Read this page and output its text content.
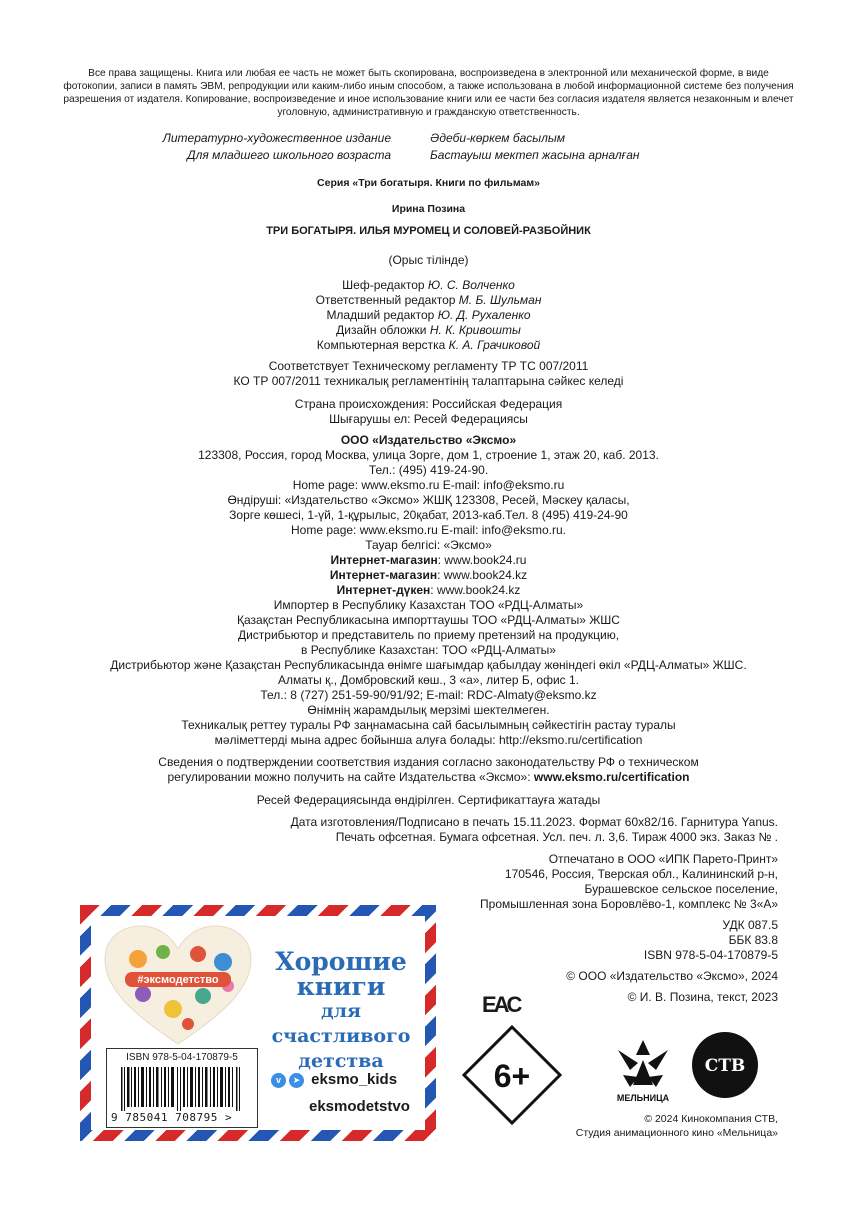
Все права защищены. Книга или любая ее часть не может быть скопирована, воспроизведена в электронной или механической форме, в виде фотокопии, записи в память ЭВМ, репродукции или каким-либо иным способом, а также использована в любой информационной системе без получения разрешения от издателя. Копирование, воспроизведение и иное использование книги или ее части без согласия издателя является незаконным и влечет уголовную, административную и гражданскую ответственность.
Литературно-художественное издание
Для младшего школьного возраста
Әдеби-көркем басылым
Бастауыш мектеп жасына арналған
Серия «Три богатыря. Книги по фильмам»
Ирина Позина
ТРИ БОГАТЫРЯ. ИЛЬЯ МУРОМЕЦ И СОЛОВЕЙ-РАЗБОЙНИК
(Орыс тілінде)
Шеф-редактор Ю. С. Волченко
Ответственный редактор М. Б. Шульман
Младший редактор Ю. Д. Рухаленко
Дизайн обложки Н. К. Кривошты
Компьютерная верстка К. А. Грачиковой
Соответствует Техническому регламенту ТР ТС 007/2011
КО ТР 007/2011 техникалық регламентінің талаптарына сәйкес келеді
Страна происхождения: Российская Федерация
Шығарушы ел: Ресей Федерациясы
ООО «Издательство «Эксмо»
123308, Россия, город Москва, улица Зорге, дом 1, строение 1, этаж 20, каб. 2013.
Тел.: (495) 419-24-90.
Home page: www.eksmo.ru E-mail: info@eksmo.ru
Өндіруші: «Издательство «Эксмо» ЖШҚ 123308, Ресей, Мәскеу қаласы,
Зорге көшесі, 1-үй, 1-құрылыс, 20қабат, 2013-каб.Тел. 8 (495) 419-24-90
Home page: www.eksmo.ru E-mail: info@eksmo.ru.
Тауар белгісі: «Эксмо»
Интернет-магазин: www.book24.ru
Интернет-магазин: www.book24.kz
Интернет-дүкен: www.book24.kz
Импортер в Республику Казахстан ТОО «РДЦ-Алматы»
Қазақстан Республикасына импорттаушы ТОО «РДЦ-Алматы» ЖШС
Дистрибьютор и представитель по приему претензий на продукцию,
в Республике Казахстан: ТОО «РДЦ-Алматы»
Дистрибьютор және Қазақстан Республикасында өнімге шағымдар қабылдау жөніндегі өкіл «РДЦ-Алматы» ЖШС.
Алматы қ., Домбровский көш., 3 «а», литер Б, офис 1.
Тел.: 8 (727) 251-59-90/91/92; E-mail: RDC-Almaty@eksmo.kz
Өнімнің жарамдылық мерзімі шектелмеген.
Техникалық реттеу туралы РФ заңнамасына сай басылымның сәйкестігін растау туралы
мәліметтерді мына адрес бойынша алуға болады: http://eksmo.ru/certification
Сведения о подтверждении соответствия издания согласно законодательству РФ о техническом
регулировании можно получить на сайте Издательства «Эксмо»: www.eksmo.ru/certification
Ресей Федерациясында өндірілген. Сертификаттауға жатады
Дата изготовления/Подписано в печать 15.11.2023. Формат 60x82/16. Гарнитура Yanus.
Печать офсетная. Бумага офсетная. Усл. печ. л. 3,6. Тираж 4000 экз. Заказ № .
Отпечатано в ООО «ИПК Парето-Принт»
170546, Россия, Тверская обл., Калининский р-н,
Бурашевское сельское поселение,
Промышленная зона Боровлёво-1, комплекс № 3«А»
УДК 087.5
ББК 83.8
ISBN 978-5-04-170879-5
© ООО «Издательство «Эксмо», 2024
© И. В. Позина, текст, 2023
#эксмодетство
Хорошие
книги
для счастливого
детства
v ➤ eksmo_kids
eksmodetstvo
ISBN 978-5-04-170879-5
9 785041 708795 >
EAC
6+
МЕЛЬНИЦА
СТВ
© 2024 Кинокомпания СТВ,
Студия анимационного кино «Мельница»
